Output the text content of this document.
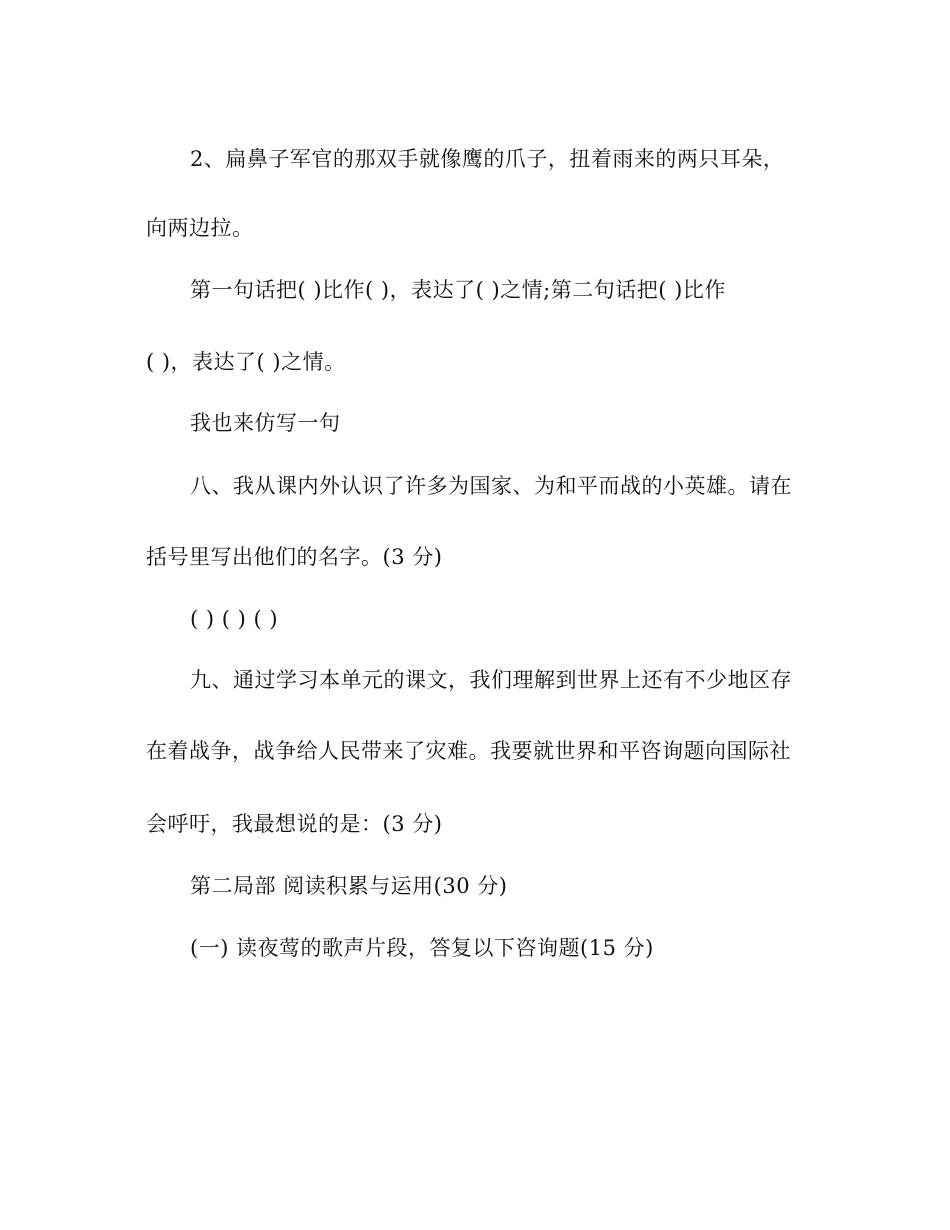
2、扁鼻子军官的那双手就像鹰的爪子，扭着雨来的两只耳朵，
向两边拉。
第一句话把( )比作( )，表达了( )之情;第二句话把( )比作
( )，表达了( )之情。
我也来仿写一句
八、我从课内外认识了许多为国家、为和平而战的小英雄。请在
括号里写出他们的名字。(3 分)
( ) ( ) ( )
九、通过学习本单元的课文，我们理解到世界上还有不少地区存
在着战争，战争给人民带来了灾难。我要就世界和平咨询题向国际社
会呼吁，我最想说的是：(3 分)
第二局部 阅读积累与运用(30 分)
(一) 读夜莺的歌声片段，答复以下咨询题(15 分)
